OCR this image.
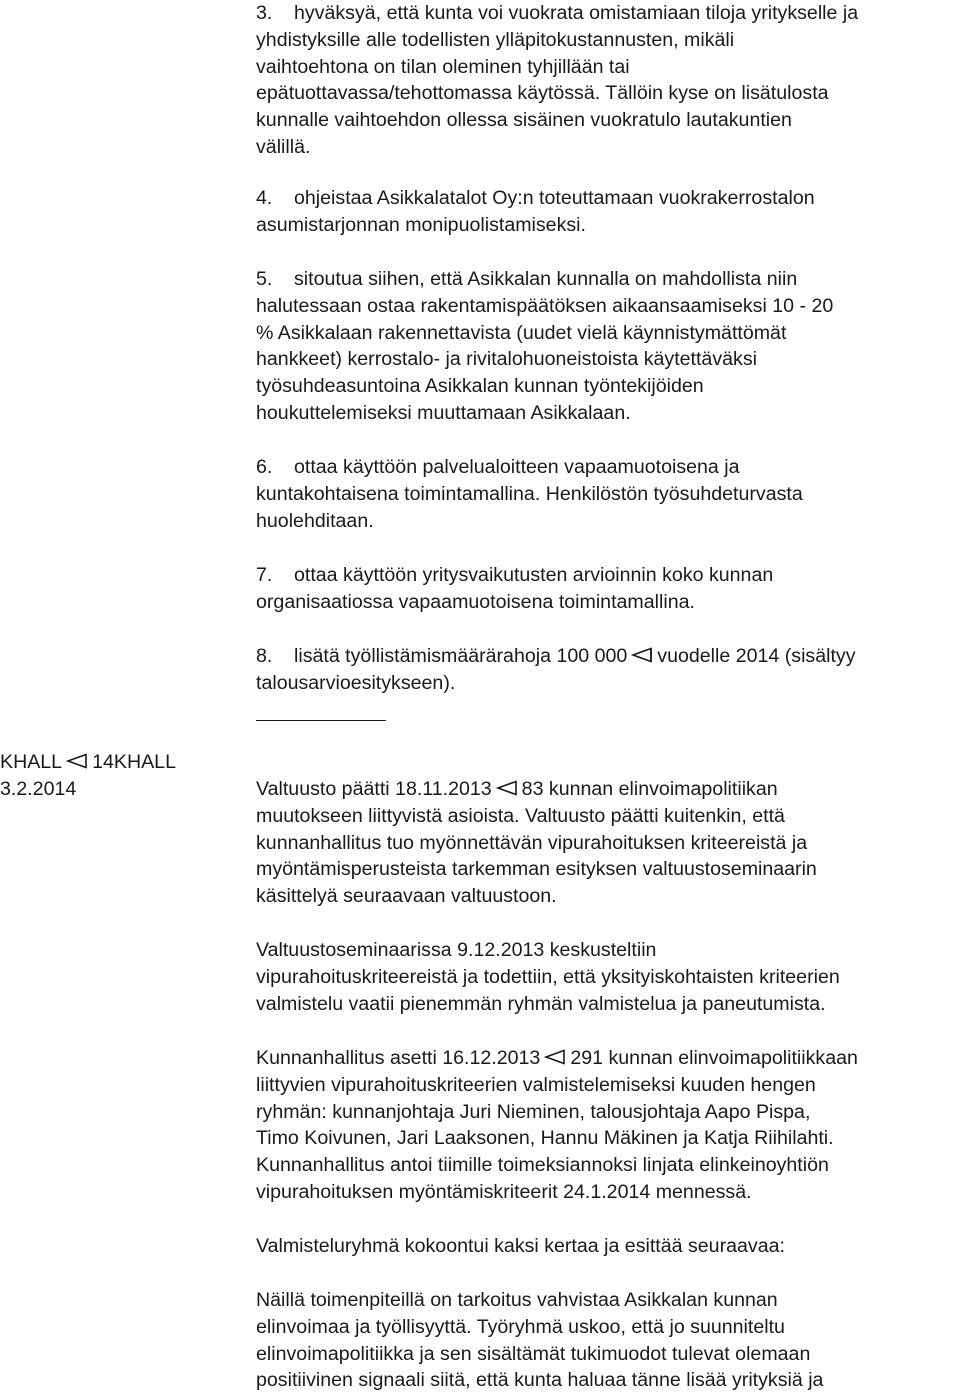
3. hyväksyä, että kunta voi vuokrata omistamiaan tiloja yritykselle ja
yhdistyksille alle todellisten ylläpitokustannusten, mikäli
vaihtoehtona on tilan oleminen tyhjillään tai
epätuottavassa/tehottomassa käytössä. Tällöin kyse on lisätulosta
kunnalle vaihtoehdon ollessa sisäinen vuokratulo lautakuntien
välillä.
4. ohjeistaa Asikkalatalot Oy:n toteuttamaan vuokrakerrostalon
asumistarjonnan monipuolistamiseksi.
5. sitoutua siihen, että Asikkalan kunnalla on mahdollista niin
halutessaan ostaa rakentamispäätöksen aikaansaamiseksi 10 - 20
% Asikkalaan rakennettavista (uudet vielä käynnistymättömät
hankkeet) kerrostalo- ja rivitalohuoneistoista käytettäväksi
työsuhdeasuntoina Asikkalan kunnan työntekijöiden
houkuttelemiseksi muuttamaan Asikkalaan.
6. ottaa käyttöön palvelualoitteen vapaamuotoisena ja
kuntakohtaisena toimintamallina. Henkilöstön työsuhdeturvasta
huolehditaan.
7. ottaa käyttöön yritysvaikutusten arvioinnin koko kunnan
organisaatiossa vapaamuotoisena toimintamallina.
8. lisätä työllistämismäärärahoja 100 000 vuodelle 2014 (sisältyy
talousarvioesitykseen).
KHALL 14KHALL
3.2.2014	Valtuusto päätti 18.11.2013 83 kunnan elinvoimapolitiikan
muutokseen liittyvistä asioista. Valtuusto päätti kuitenkin, että
kunnanhallitus tuo myönnettävän vipurahoituksen kriteereistä ja
myöntämisperusteista tarkemman esityksen valtuustoseminaarin
käsittelyä seuraavaan valtuustoon.
Valtuustoseminaarissa 9.12.2013 keskusteltiin
vipurahoituskriteereistä ja todettiin, että yksityiskohtaisten kriteerien
valmistelu vaatii pienemmän ryhmän valmistelua ja paneutumista.
Kunnanhallitus asetti 16.12.2013 291 kunnan elinvoimapolitiikkaan
liittyvien vipurahoituskriteerien valmistelemiseksi kuuden hengen
ryhmän: kunnanjohtaja Juri Nieminen, talousjohtaja Aapo Pispa,
Timo Koivunen, Jari Laaksonen, Hannu Mäkinen ja Katja Riihilahti.
Kunnanhallitus antoi tiimille toimeksiannoksi linjata elinkeinoyhtiön
vipurahoituksen myöntämiskriteerit 24.1.2014 mennessä.
Valmisteluryhmä kokoontui kaksi kertaa ja esittää seuraavaa:
Näillä toimenpiteillä on tarkoitus vahvistaa Asikkalan kunnan
elinvoimaa ja työllisyyttä. Työryhmä uskoo, että jo suunniteltu
elinvoimapolitiikka ja sen sisältämät tukimuodot tulevat olemaan
positiivinen signaali siitä, että kunta haluaa tänne lisää yrityksiä ja
